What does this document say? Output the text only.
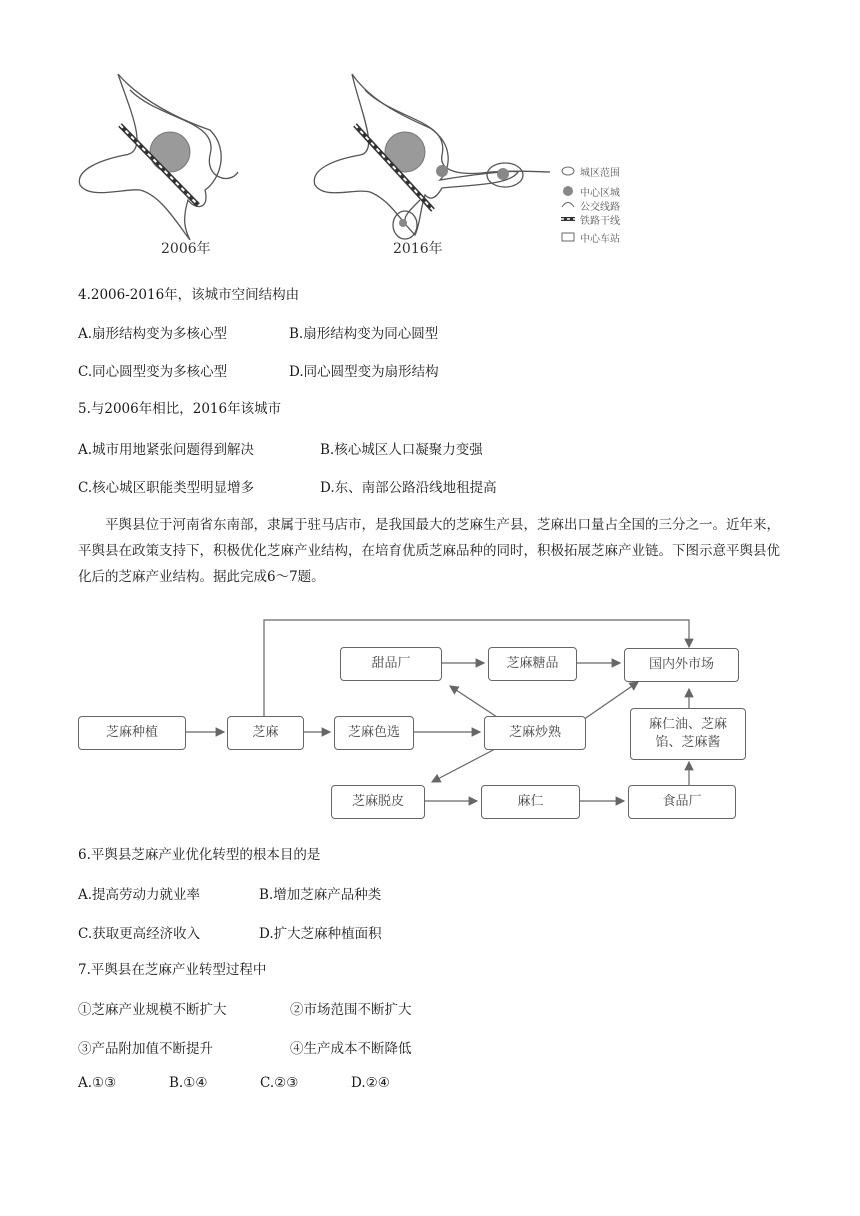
2006年	2016年
城区范围
中心区城
公交线路
铁路干线
中心车站
4.2006-2016年，该城市空间结构由
A.扇形结构变为多核心型	B.扇形结构变为同心圆型
C.同心圆型变为多核心型	D.同心圆型变为扇形结构
5.与2006年相比，2016年该城市
A.城市用地紧张问题得到解决	B.核心城区人口凝聚力变强
C.核心城区职能类型明显增多	D.东、南部公路沿线地租提高
平舆县位于河南省东南部，隶属于驻马店市，是我国最大的芝麻生产县，芝麻出口量占全国的三分之一。近年来，平舆县在政策支持下，积极优化芝麻产业结构，在培育优质芝麻品种的同时，积极拓展芝麻产业链。下图示意平舆县优化后的芝麻产业结构。据此完成6～7题。
芝麻种植	芝麻	芝麻色选
甜品厂	芝麻糖品	国内外市场
芝麻炒熟
麻仁油、芝麻
馅、芝麻酱
芝麻脱皮	麻仁	食品厂
6.平舆县芝麻产业优化转型的根本目的是
A.提高劳动力就业率	B.增加芝麻产品种类
C.获取更高经济收入	D.扩大芝麻种植面积
7.平舆县在芝麻产业转型过程中
①芝麻产业规模不断扩大	②市场范围不断扩大
③产品附加值不断提升	④生产成本不断降低
A.①③	B.①④	C.②③	D.②④
